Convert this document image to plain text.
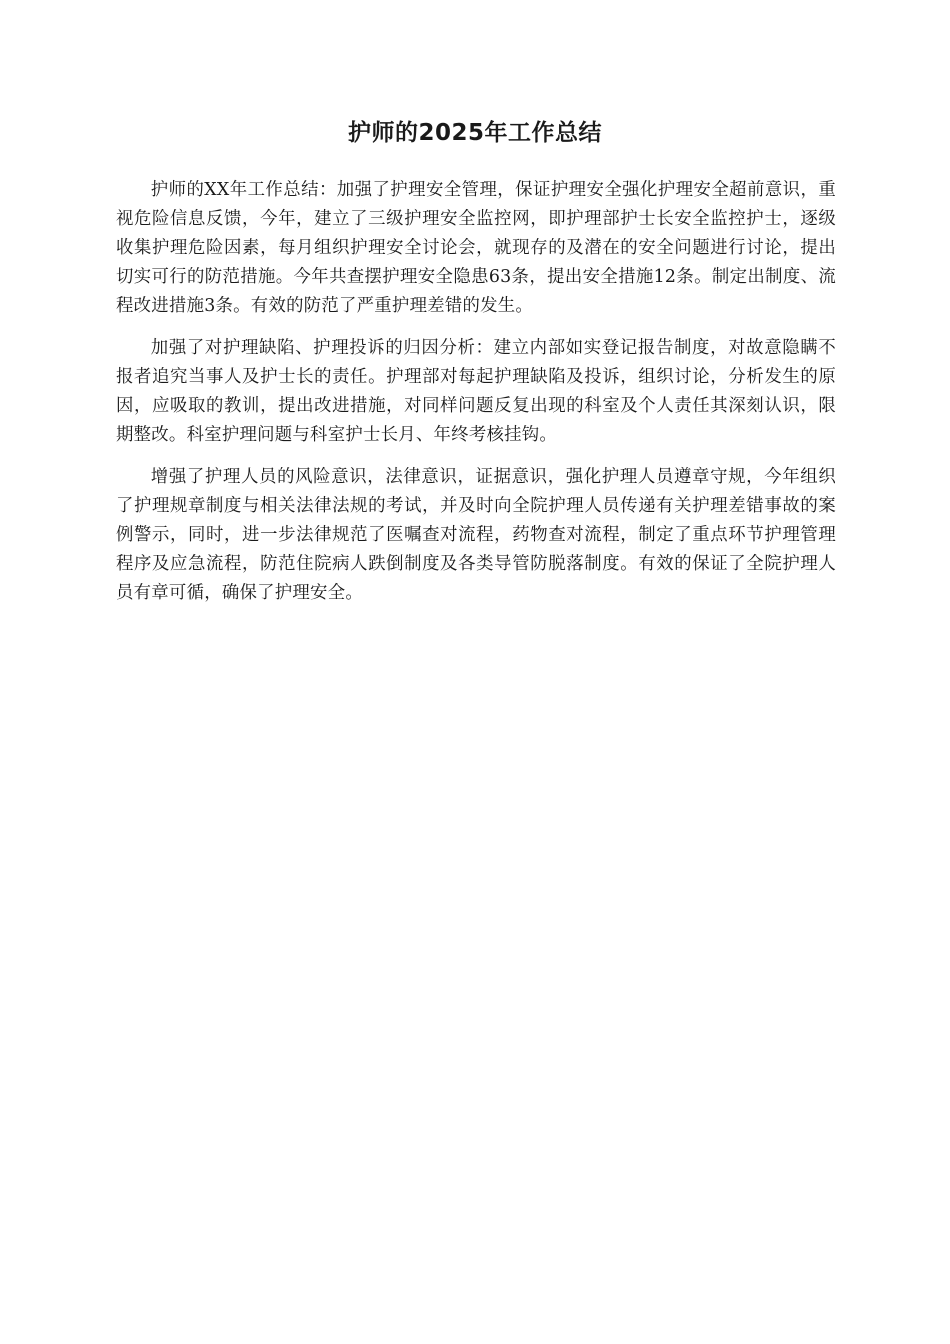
护师的2025年工作总结

护师的XX年工作总结：加强了护理安全管理，保证护理安全强化护理安全超前意识，重视危险信息反馈，今年，建立了三级护理安全监控网，即护理部护士长安全监控护士，逐级收集护理危险因素，每月组织护理安全讨论会，就现存的及潜在的安全问题进行讨论，提出切实可行的防范措施。今年共查摆护理安全隐患63条，提出安全措施12条。制定出制度、流程改进措施3条。有效的防范了严重护理差错的发生。

加强了对护理缺陷、护理投诉的归因分析：建立内部如实登记报告制度，对故意隐瞒不报者追究当事人及护士长的责任。护理部对每起护理缺陷及投诉，组织讨论，分析发生的原因，应吸取的教训，提出改进措施，对同样问题反复出现的科室及个人责任其深刻认识，限期整改。科室护理问题与科室护士长月、年终考核挂钩。

增强了护理人员的风险意识，法律意识，证据意识，强化护理人员遵章守规，今年组织了护理规章制度与相关法律法规的考试，并及时向全院护理人员传递有关护理差错事故的案例警示，同时，进一步法律规范了医嘱查对流程，药物查对流程，制定了重点环节护理管理程序及应急流程，防范住院病人跌倒制度及各类导管防脱落制度。有效的保证了全院护理人员有章可循，确保了护理安全。
